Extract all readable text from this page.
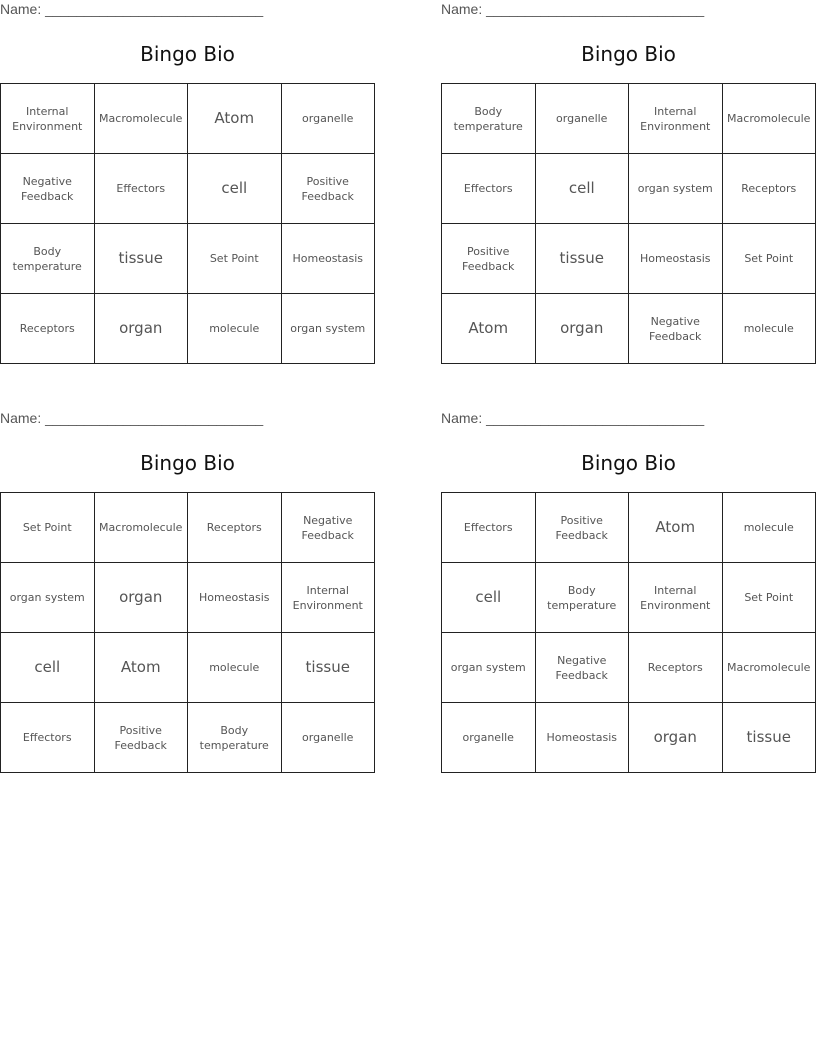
Name: ____________________________
Bingo Bio
Internal Environment	Macromolecule	Atom	organelle
Negative Feedback	Effectors	cell	Positive Feedback
Body temperature	tissue	Set Point	Homeostasis
Receptors	organ	molecule	organ system
Name: ____________________________
Bingo Bio
Body temperature	organelle	Internal Environment	Macromolecule
Effectors	cell	organ system	Receptors
Positive Feedback	tissue	Homeostasis	Set Point
Atom	organ	Negative Feedback	molecule
Name: ____________________________
Bingo Bio
Set Point	Macromolecule	Receptors	Negative Feedback
organ system	organ	Homeostasis	Internal Environment
cell	Atom	molecule	tissue
Effectors	Positive Feedback	Body temperature	organelle
Name: ____________________________
Bingo Bio
Effectors	Positive Feedback	Atom	molecule
cell	Body temperature	Internal Environment	Set Point
organ system	Negative Feedback	Receptors	Macromolecule
organelle	Homeostasis	organ	tissue
